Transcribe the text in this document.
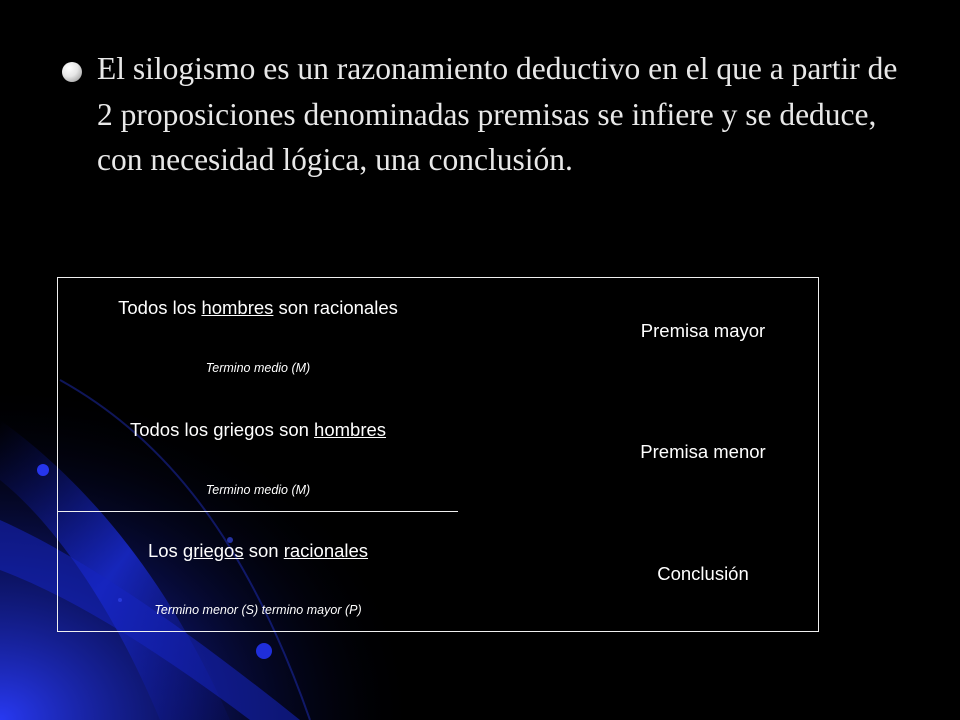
El silogismo es un razonamiento deductivo en el que a partir de 2 proposiciones denominadas premisas se infiere y se deduce, con necesidad lógica, una conclusión.
Todos los hombres son racionales
Termino medio (M)
Todos los griegos son hombres
Termino medio (M)
Los griegos son racionales
Termino menor (S) termino mayor (P)
Premisa mayor
Premisa menor
Conclusión
